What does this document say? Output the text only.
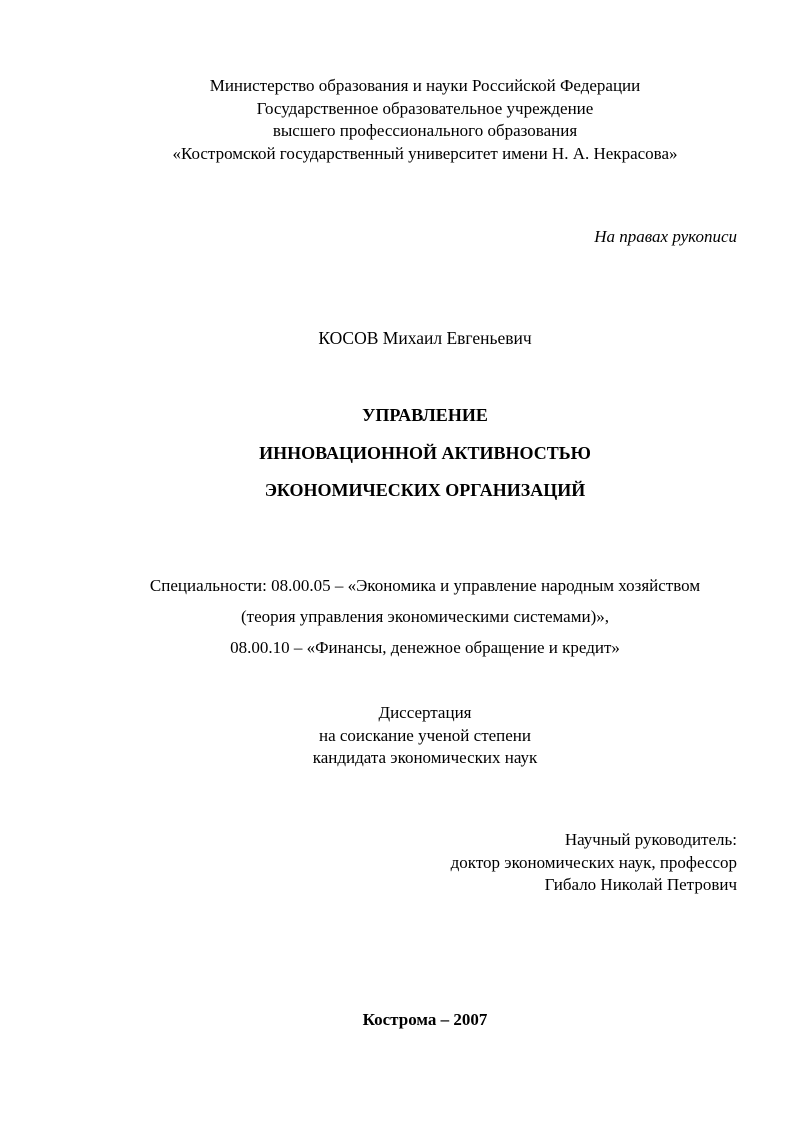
Министерство образования и науки Российской Федерации
Государственное образовательное учреждение
высшего профессионального образования
«Костромской государственный университет имени Н. А. Некрасова»
На правах рукописи
КОСОВ Михаил Евгеньевич
УПРАВЛЕНИЕ
ИННОВАЦИОННОЙ АКТИВНОСТЬЮ
ЭКОНОМИЧЕСКИХ ОРГАНИЗАЦИЙ
Специальности: 08.00.05 – «Экономика и управление народным хозяйством
(теория управления экономическими системами)»,
08.00.10 – «Финансы, денежное обращение и кредит»
Диссертация
на соискание ученой степени
кандидата экономических наук
Научный руководитель:
доктор экономических наук, профессор
Гибало Николай Петрович
Кострома – 2007
